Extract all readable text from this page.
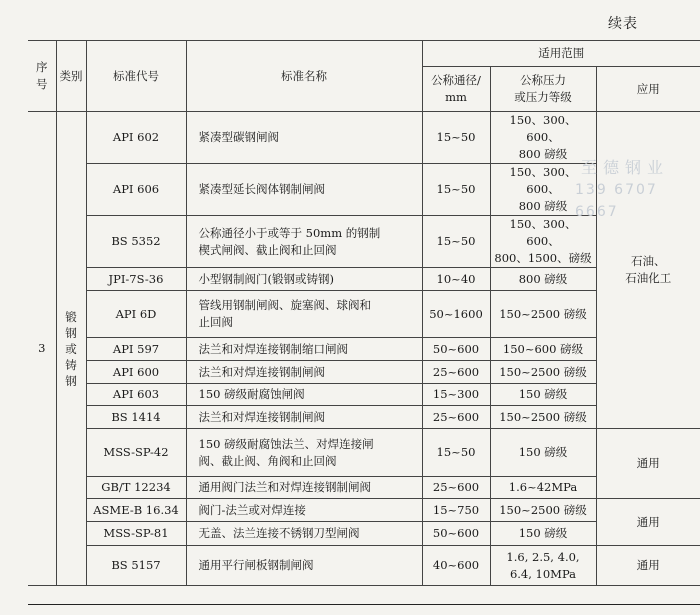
续表
序号	类别	标准代号	标准名称	适用范围		
				公称通径/
mm	公称压力
或压力等级	应用
3	锻
钢
或
铸
钢	API 602	紧凑型碳钢闸阀	15~50	150、300、600、
800 磅级	石油、
石油化工
		API 606	紧凑型延长阀体钢制闸阀	15~50	150、300、600、
800 磅级	
		BS 5352	公称通径小于或等于 50mm 的钢制
楔式闸阀、截止阀和止回阀	15~50	150、300、600、
800、1500、磅级	
		JPI-7S-36	小型钢制阀门(锻钢或铸钢)	10~40	800 磅级	
		API 6D	管线用钢制闸阀、旋塞阀、球阀和
止回阀	50~1600	150~2500 磅级	
		API 597	法兰和对焊连接钢制缩口闸阀	50~600	150~600 磅级	
		API 600	法兰和对焊连接钢制闸阀	25~600	150~2500 磅级	
		API 603	150 磅级耐腐蚀闸阀	15~300	150 磅级	
		BS 1414	法兰和对焊连接钢制闸阀	25~600	150~2500 磅级	
		MSS-SP-42	150 磅级耐腐蚀法兰、对焊连接闸
阀、截止阀、角阀和止回阀	15~50	150 磅级	通用
		GB/T 12234	通用阀门法兰和对焊连接钢制闸阀	25~600	1.6~42MPa	
		ASME-B 16.34	阀门-法兰或对焊连接	15~750	150~2500 磅级	通用
		MSS-SP-81	无盖、法兰连接不锈钢刀型闸阀	50~600	150 磅级	
		BS 5157	通用平行闸板钢制闸阀	40~600	1.6, 2.5, 4.0,
6.4, 10MPa	通用
至德钢业
139 6707 6667
